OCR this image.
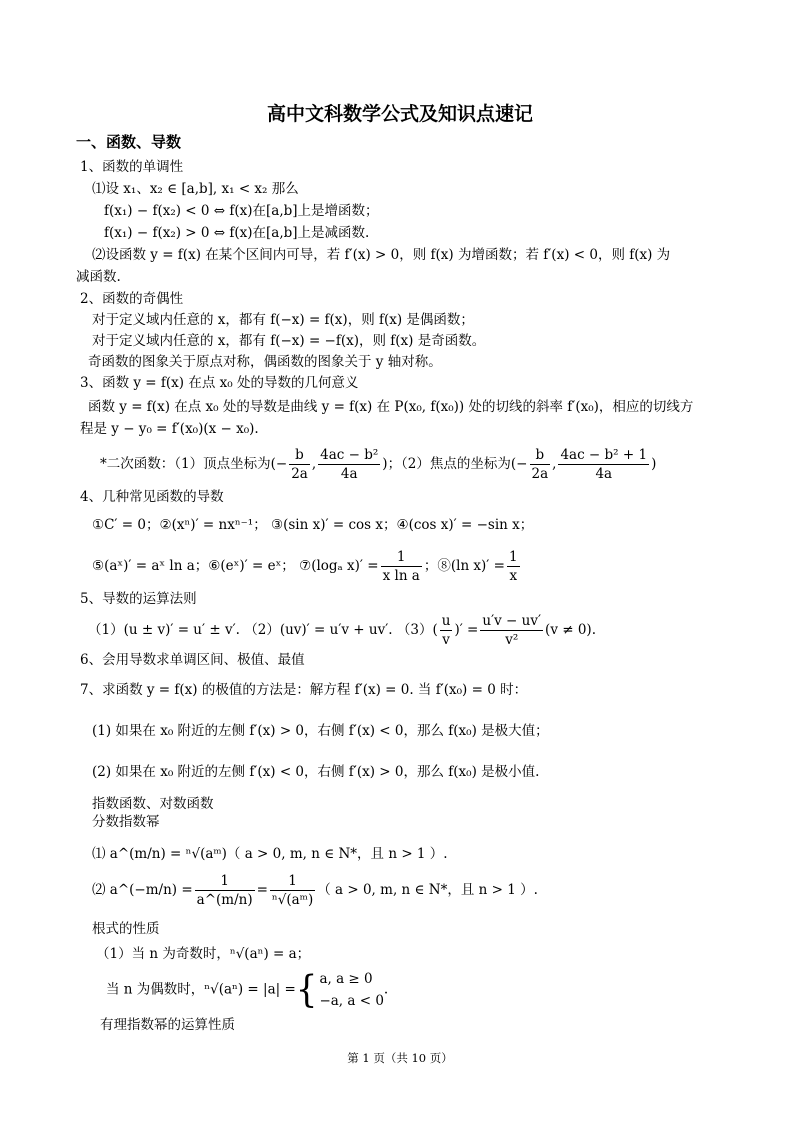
高中文科数学公式及知识点速记
一、函数、导数
1、函数的单调性
⑴设 x₁、x₂ ∈ [a,b], x₁ < x₂ 那么
f(x₁) − f(x₂) < 0 ⇔ f(x)在[a,b]上是增函数；
f(x₁) − f(x₂) > 0 ⇔ f(x)在[a,b]上是减函数.
⑵设函数 y = f(x) 在某个区间内可导，若 f′(x) > 0，则 f(x) 为增函数；若 f′(x) < 0，则 f(x) 为
减函数.
2、函数的奇偶性
对于定义域内任意的 x，都有 f(−x) = f(x)，则 f(x) 是偶函数；
对于定义域内任意的 x，都有 f(−x) = −f(x)，则 f(x) 是奇函数。
奇函数的图象关于原点对称，偶函数的图象关于 y 轴对称。
3、函数 y = f(x) 在点 x₀ 处的导数的几何意义
函数 y = f(x) 在点 x₀ 处的导数是曲线 y = f(x) 在 P(x₀, f(x₀)) 处的切线的斜率 f′(x₀)，相应的切线方
程是 y − y₀ = f′(x₀)(x − x₀).
*二次函数：（1）顶点坐标为(− $\frac{b}{2a}$ , $\frac{\text{4ac − b²}}{4a}$ )；（2）焦点的坐标为(− $\frac{b}{2a}$ , $\frac{\text{4ac − b² + 1}}{4a}$ )
4、几种常见函数的导数
①C′ = 0；②(xⁿ)′ = nxⁿ⁻¹； ③(sin x)′ = cos x；④(cos x)′ = −sin x；
⑤(aˣ)′ = aˣ ln a；⑥(eˣ)′ = eˣ； ⑦(logₐ $x)' = \frac{1}{\text{x ln a}}$ ；⑧(ln $x)' = \frac{1}{x}$
5、导数的运算法则
（1）(u ± v)′ = u′ ± v′. （2）(uv)′ = u′v + uv′. $(3)( \frac{u}{v}$ )′ = $\frac{u'v - uv'}{\text{v²}} (v \ne 0)$.
6、会用导数求单调区间、极值、最值
7、求函数 y = f(x) 的极值的方法是：解方程 f′(x) = 0. 当 f′(x₀) = 0 时：
(1) 如果在 x₀ 附近的左侧 f′(x) > 0，右侧 f′(x) < 0，那么 f(x₀) 是极大值；
(2) 如果在 x₀ 附近的左侧 f′(x) < 0，右侧 f′(x) > 0，那么 f(x₀) 是极小值.
指数函数、对数函数
分数指数幂
⑴ a^(m/n) = ⁿ√(aᵐ)（ a > 0, m, n ∈ N*，且 n > 1 ）.
⑵ a^(−m/n) = $\frac{1}{a\^{}(m/n)} = \frac{1}{\text{ⁿ√(aᵐ)}}$ （ a > 0, m, n ∈ N*，且 n > 1 ）.
根式的性质
（1）当 n 为奇数时，ⁿ√(aⁿ) = a；
当 n 为偶数时，ⁿ√(aⁿ) = |a| ={ a, a ≥ 0
−a, a < 0
.
有理指数幂的运算性质
第 1 页（共 10 页）
